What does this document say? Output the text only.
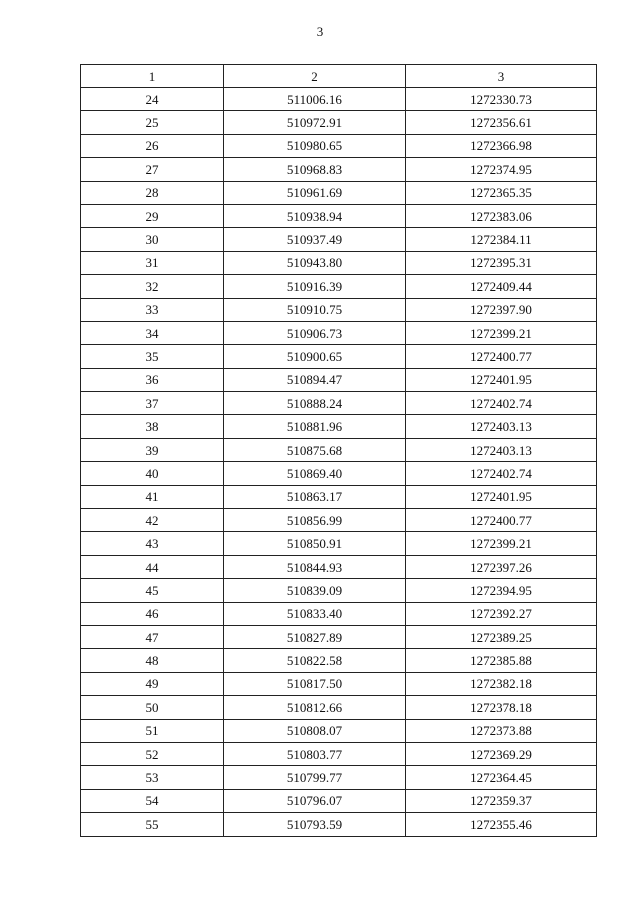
3
1	2	3
24	511006.16	1272330.73
25	510972.91	1272356.61
26	510980.65	1272366.98
27	510968.83	1272374.95
28	510961.69	1272365.35
29	510938.94	1272383.06
30	510937.49	1272384.11
31	510943.80	1272395.31
32	510916.39	1272409.44
33	510910.75	1272397.90
34	510906.73	1272399.21
35	510900.65	1272400.77
36	510894.47	1272401.95
37	510888.24	1272402.74
38	510881.96	1272403.13
39	510875.68	1272403.13
40	510869.40	1272402.74
41	510863.17	1272401.95
42	510856.99	1272400.77
43	510850.91	1272399.21
44	510844.93	1272397.26
45	510839.09	1272394.95
46	510833.40	1272392.27
47	510827.89	1272389.25
48	510822.58	1272385.88
49	510817.50	1272382.18
50	510812.66	1272378.18
51	510808.07	1272373.88
52	510803.77	1272369.29
53	510799.77	1272364.45
54	510796.07	1272359.37
55	510793.59	1272355.46
